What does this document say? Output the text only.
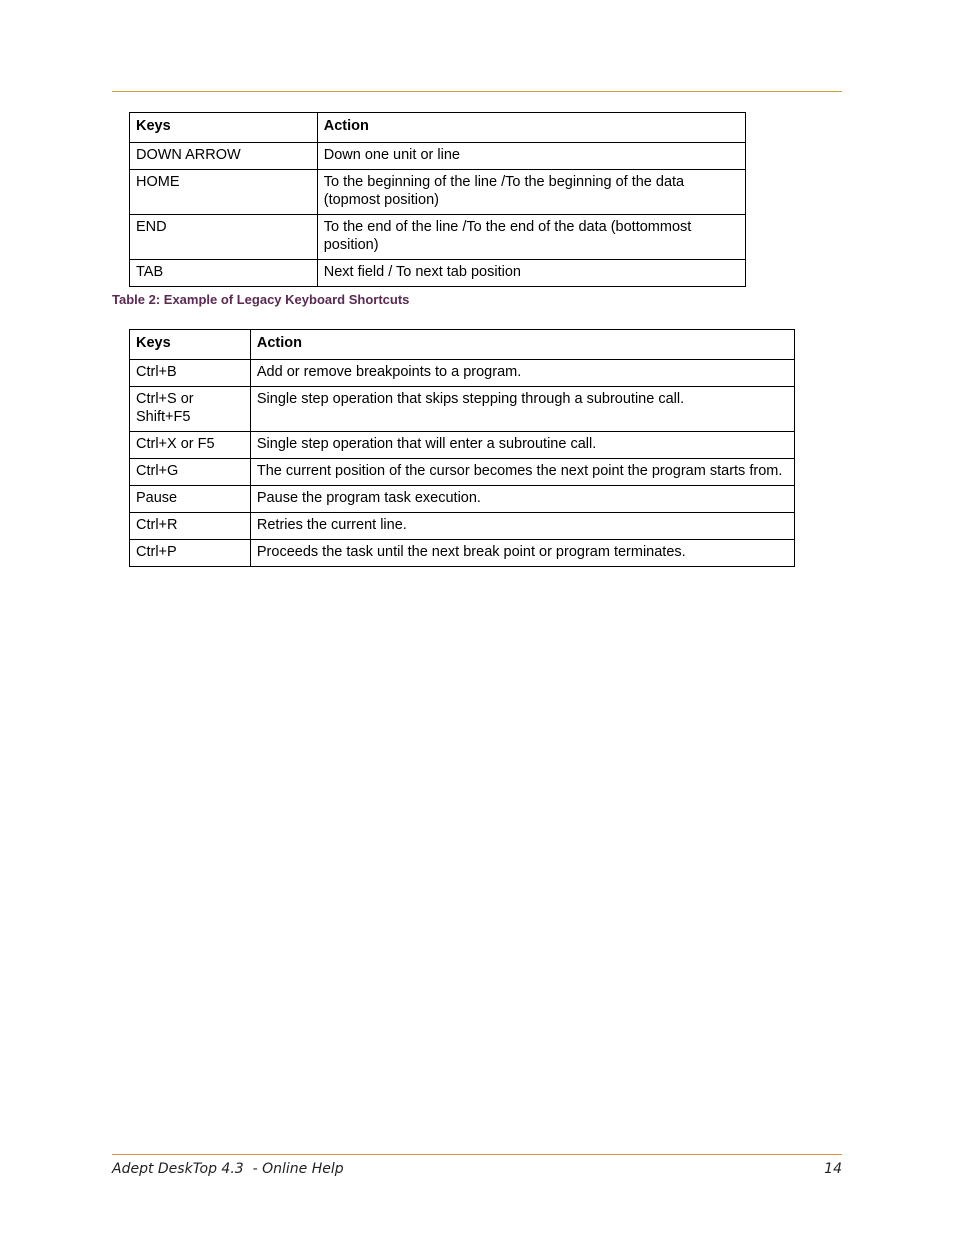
Keys	Action
DOWN ARROW	Down one unit or line
HOME	To the beginning of the line /To the beginning of the data (topmost position)
END	To the end of the line /To the end of the data (bottommost position)
TAB	Next field / To next tab position
Table 2: Example of Legacy Keyboard Shortcuts
Keys	Action
Ctrl+B	Add or remove breakpoints to a program.
Ctrl+S or Shift+F5	Single step operation that skips stepping through a subroutine call.
Ctrl+X or F5	Single step operation that will enter a subroutine call.
Ctrl+G	The current position of the cursor becomes the next point the program starts from.
Pause	Pause the program task execution.
Ctrl+R	Retries the current line.
Ctrl+P	Proceeds the task until the next break point or program terminates.
Adept DeskTop 4.3  - Online Help	14
